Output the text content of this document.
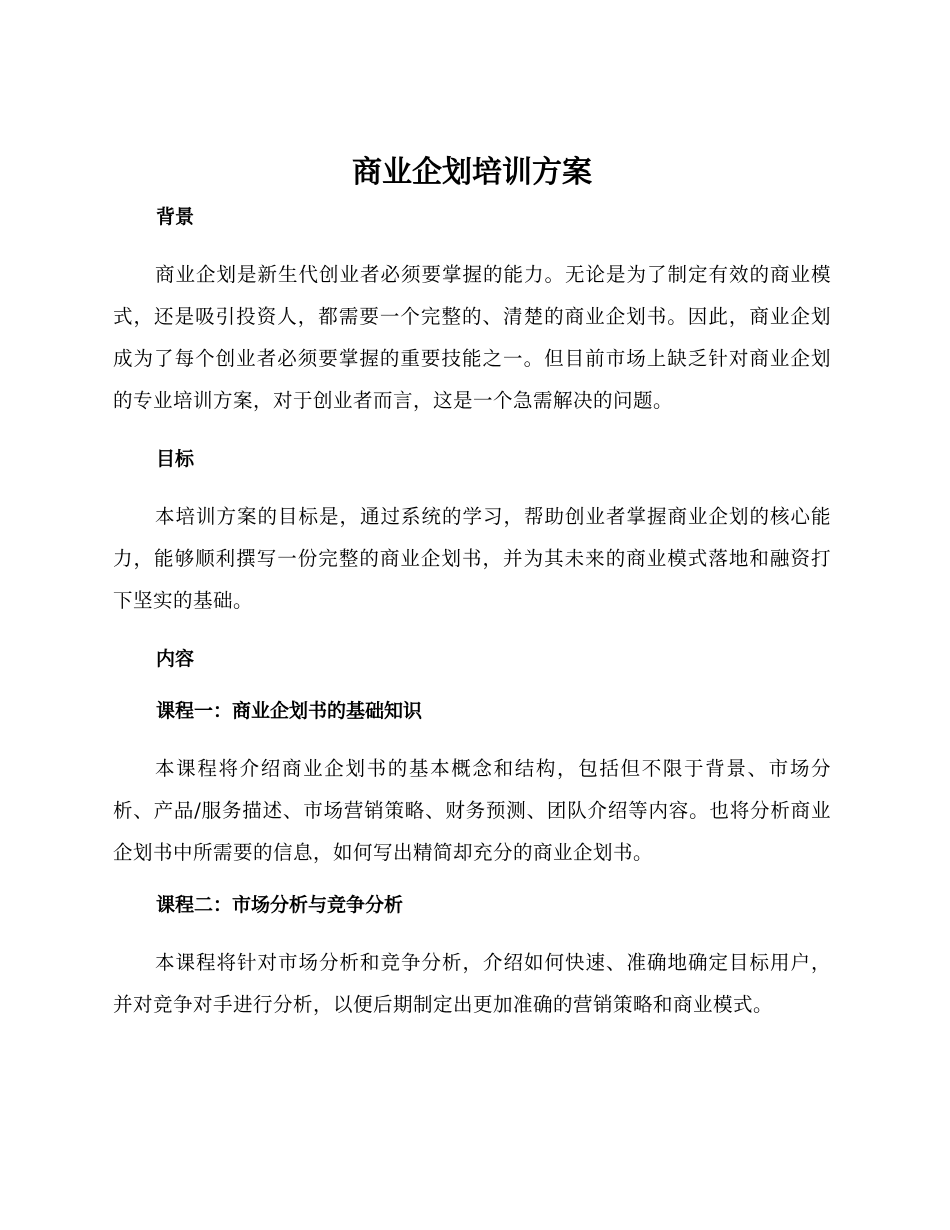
商业企划培训方案
背景

商业企划是新生代创业者必须要掌握的能力。无论是为了制定有效的商业模式，还是吸引投资人，都需要一个完整的、清楚的商业企划书。因此，商业企划成为了每个创业者必须要掌握的重要技能之一。但目前市场上缺乏针对商业企划的专业培训方案，对于创业者而言，这是一个急需解决的问题。

目标

本培训方案的目标是，通过系统的学习，帮助创业者掌握商业企划的核心能力，能够顺利撰写一份完整的商业企划书，并为其未来的商业模式落地和融资打下坚实的基础。

内容
课程一：商业企划书的基础知识

本课程将介绍商业企划书的基本概念和结构，包括但不限于背景、市场分析、产品/服务描述、市场营销策略、财务预测、团队介绍等内容。也将分析商业企划书中所需要的信息，如何写出精简却充分的商业企划书。

课程二：市场分析与竞争分析

本课程将针对市场分析和竞争分析，介绍如何快速、准确地确定目标用户，并对竞争对手进行分析，以便后期制定出更加准确的营销策略和商业模式。
